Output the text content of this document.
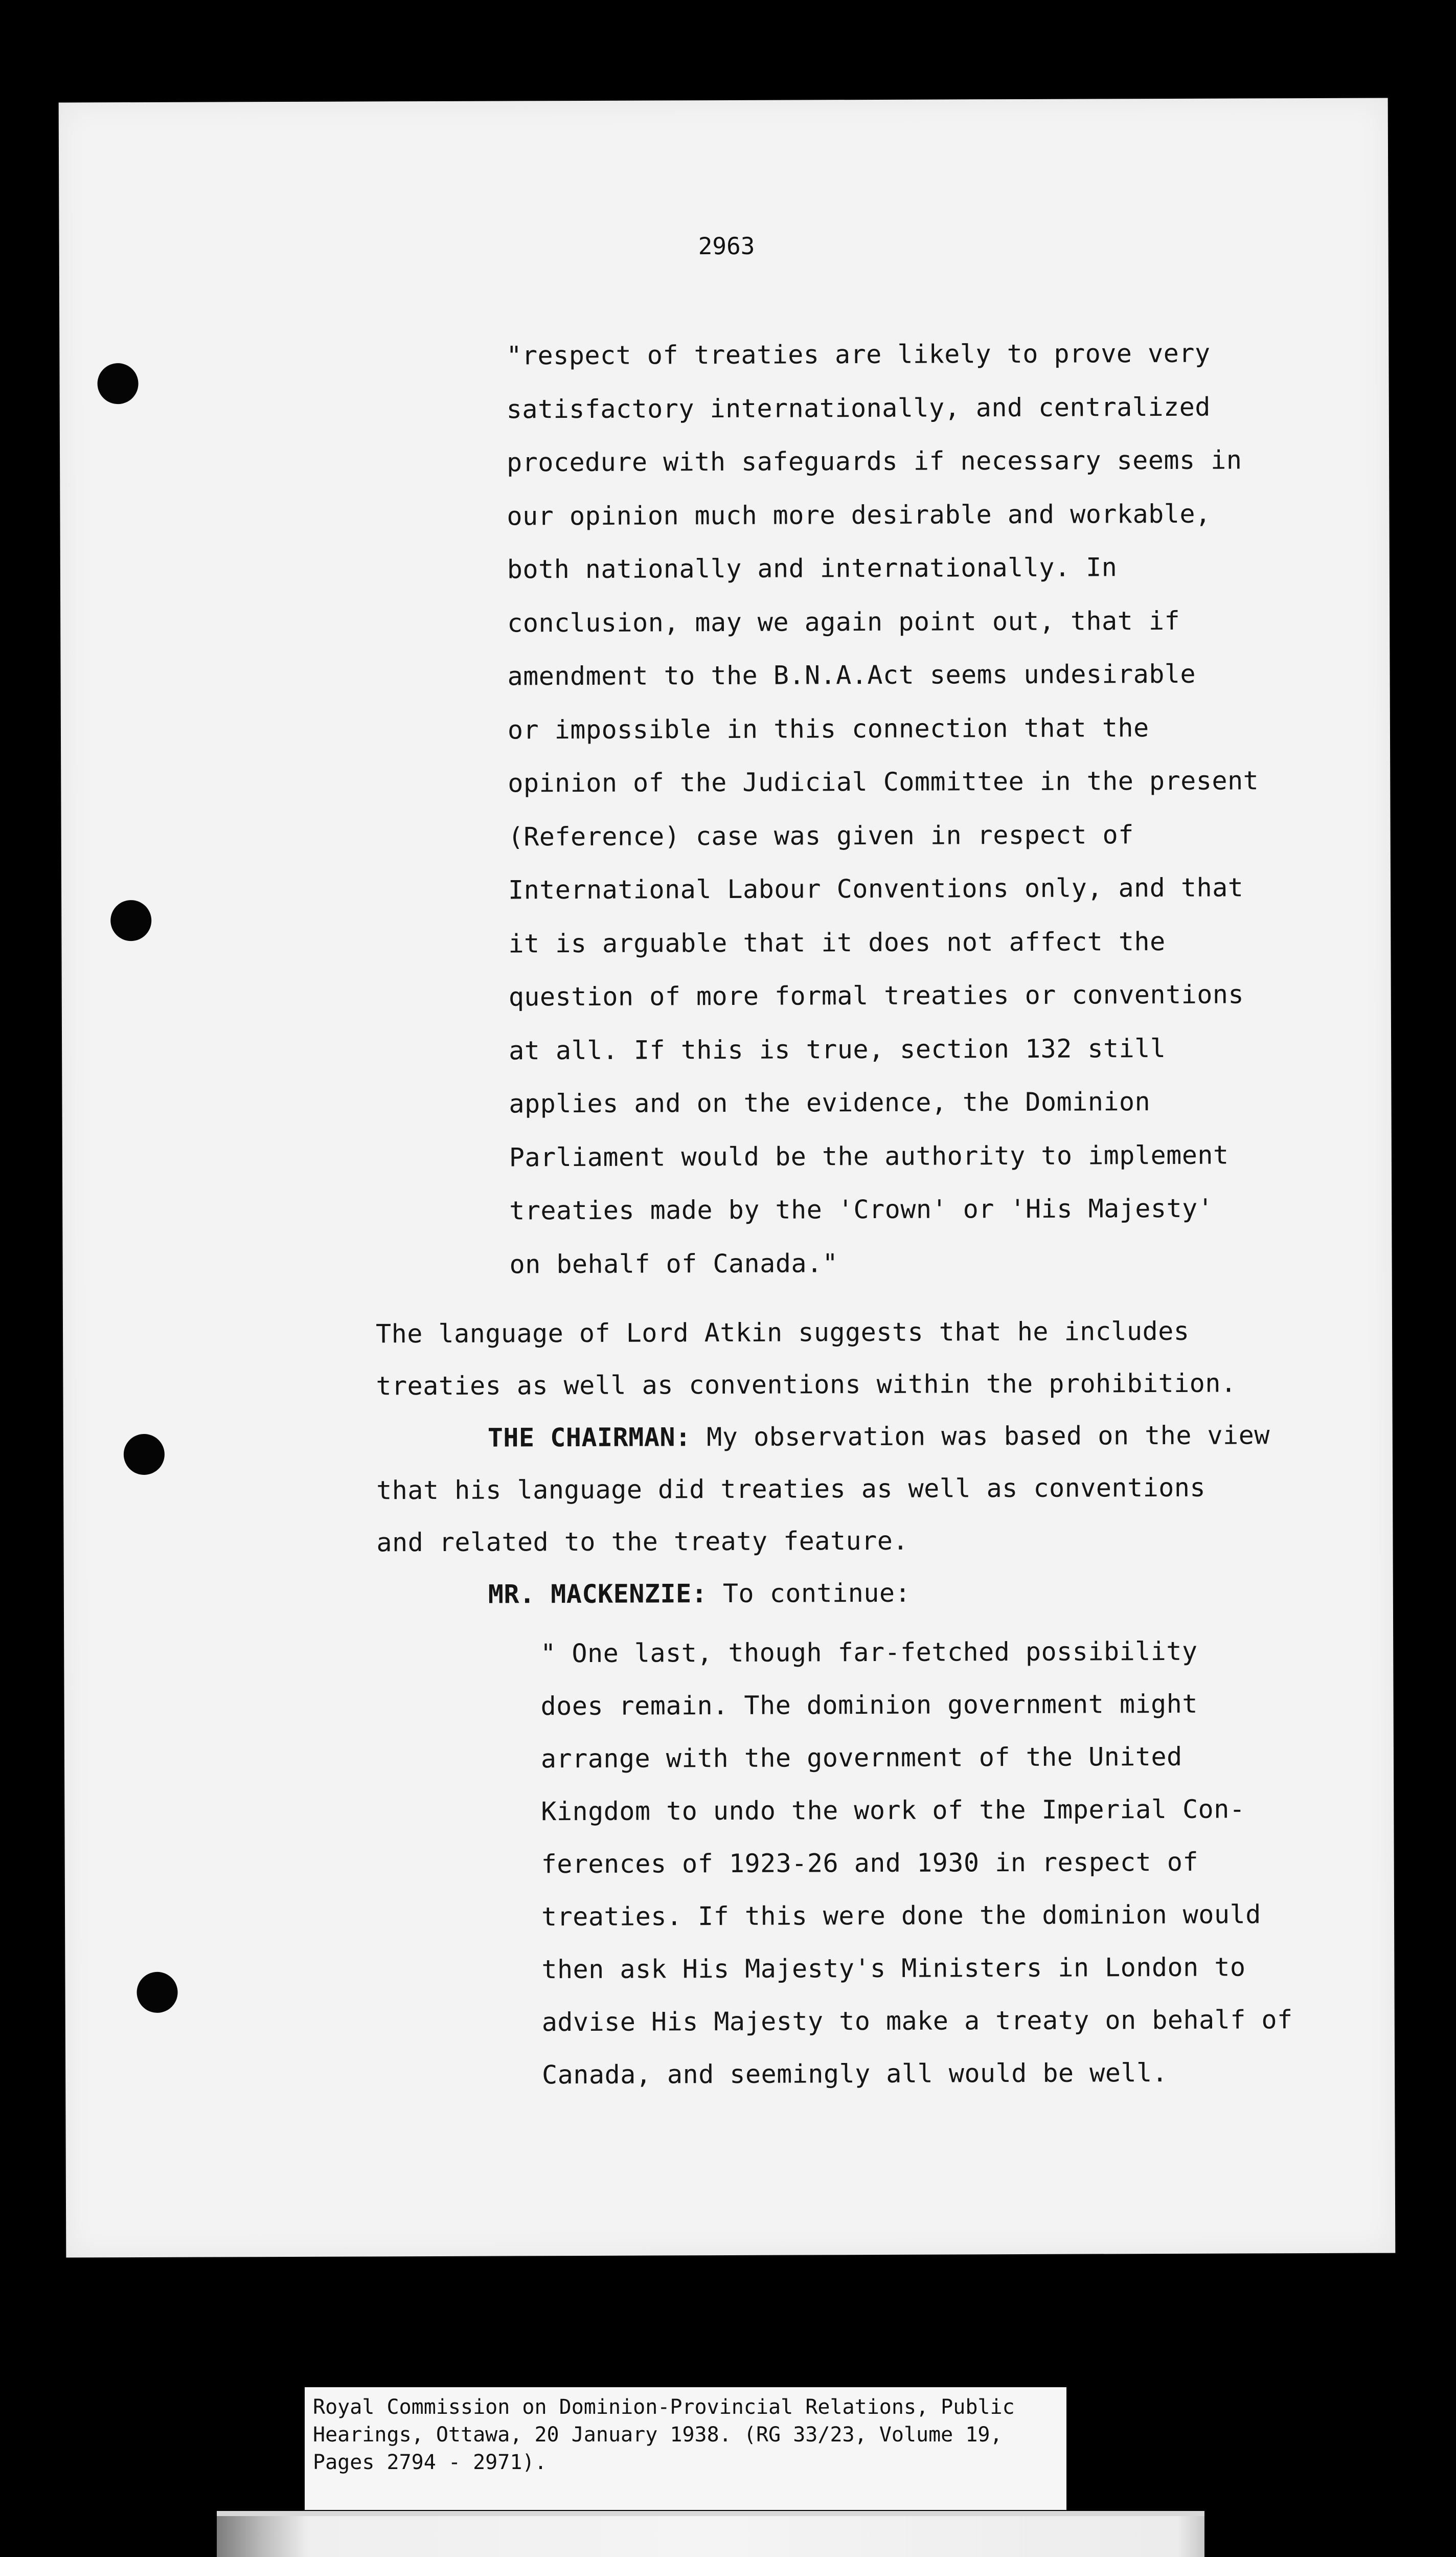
2963
"respect of treaties are likely to prove very
satisfactory internationally, and centralized
procedure with safeguards if necessary seems in
our opinion much more desirable and workable,
both nationally and internationally. In
conclusion, may we again point out, that if
amendment to the B.N.A.Act seems undesirable
or impossible in this connection that the
opinion of the Judicial Committee in the present
(Reference) case was given in respect of
International Labour Conventions only, and that
it is arguable that it does not affect the
question of more formal treaties or conventions
at all. If this is true, section 132 still
applies and on the evidence, the Dominion
Parliament would be the authority to implement
treaties made by the 'Crown' or 'His Majesty'
on behalf of Canada."
The language of Lord Atkin suggests that he includes
treaties as well as conventions within the prohibition.
THE CHAIRMAN: My observation was based on the view
that his language did treaties as well as conventions
and related to the treaty feature.
MR. MACKENZIE: To continue:
" One last, though far-fetched possibility
does remain. The dominion government might
arrange with the government of the United
Kingdom to undo the work of the Imperial Con-
ferences of 1923-26 and 1930 in respect of
treaties. If this were done the dominion would
then ask His Majesty's Ministers in London to
advise His Majesty to make a treaty on behalf of
Canada, and seemingly all would be well.
Royal Commission on Dominion-Provincial Relations, Public
Hearings, Ottawa, 20 January 1938. (RG 33/23, Volume 19,
Pages 2794 - 2971).
